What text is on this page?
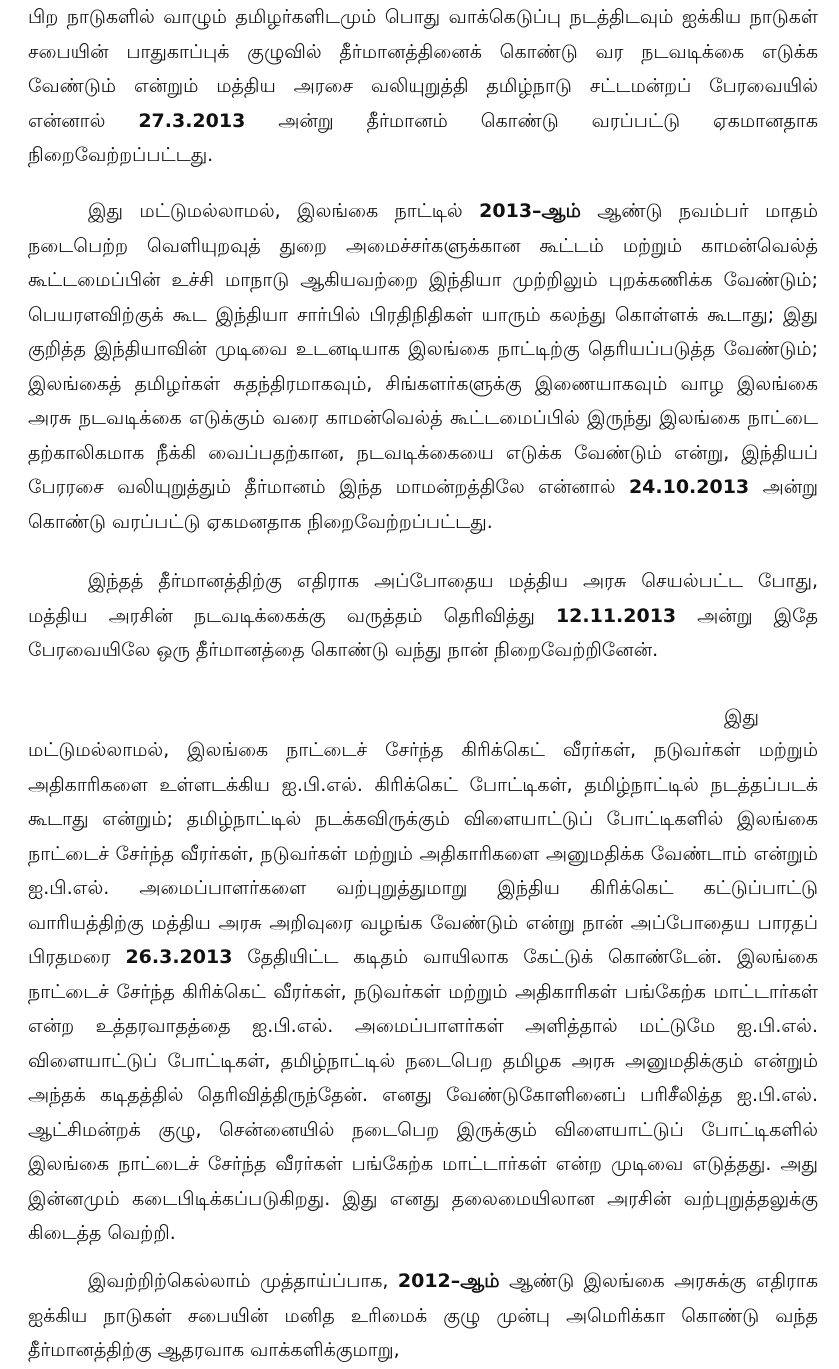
பிற நாடுகளில் வாழும் தமிழர்களிடமும் பொது வாக்கெடுப்பு நடத்திடவும் ஐக்கிய நாடுகள் சபையின் பாதுகாப்புக் குழுவில் தீர்மானத்தினைக் கொண்டு வர நடவடிக்கை எடுக்க வேண்டும் என்றும் மத்திய அரசை வலியுறுத்தி தமிழ்நாடு சட்டமன்றப் பேரவையில் என்னால் 27.3.2013 அன்று தீர்மானம் கொண்டு வரப்பட்டு ஏகமானதாக நிறைவேற்றப்பட்டது.

இது மட்டுமல்லாமல், இலங்கை நாட்டில் 2013–ஆம் ஆண்டு நவம்பர் மாதம் நடைபெற்ற வெளியுறவுத் துறை அமைச்சர்களுக்கான கூட்டம் மற்றும் காமன்வெல்த் கூட்டமைப்பின் உச்சி மாநாடு ஆகியவற்றை இந்தியா முற்றிலும் புறக்கணிக்க வேண்டும்; பெயரளவிற்குக் கூட இந்தியா சார்பில் பிரதிநிதிகள் யாரும் கலந்து கொள்ளக் கூடாது; இது குறித்த இந்தியாவின் முடிவை உடனடியாக இலங்கை நாட்டிற்கு தெரியப்படுத்த வேண்டும்; இலங்கைத் தமிழர்கள் சுதந்திரமாகவும், சிங்களர்களுக்கு இணையாகவும் வாழ இலங்கை அரசு நடவடிக்கை எடுக்கும் வரை காமன்வெல்த் கூட்டமைப்பில் இருந்து இலங்கை நாட்டை தற்காலிகமாக நீக்கி வைப்பதற்கான, நடவடிக்கையை எடுக்க வேண்டும் என்று, இந்தியப் பேரரசை வலியுறுத்தும் தீர்மானம் இந்த மாமன்றத்திலே என்னால் 24.10.2013 அன்று கொண்டு வரப்பட்டு ஏகமனதாக நிறைவேற்றப்பட்டது.

இந்தத் தீர்மானத்திற்கு எதிராக அப்போதைய மத்திய அரசு செயல்பட்ட போது, மத்திய அரசின் நடவடிக்கைக்கு வருத்தம் தெரிவித்து 12.11.2013 அன்று இதே பேரவையிலே ஒரு தீர்மானத்தை கொண்டு வந்து நான் நிறைவேற்றினேன்.

இது

மட்டுமல்லாமல், இலங்கை நாட்டைச் சேர்ந்த கிரிக்கெட் வீரர்கள், நடுவர்கள் மற்றும் அதிகாரிகளை உள்ளடக்கிய ஐ.பி.எல். கிரிக்கெட் போட்டிகள், தமிழ்நாட்டில் நடத்தப்படக் கூடாது என்றும்; தமிழ்நாட்டில் நடக்கவிருக்கும் விளையாட்டுப் போட்டிகளில் இலங்கை நாட்டைச் சேர்ந்த வீரர்கள், நடுவர்கள் மற்றும் அதிகாரிகளை அனுமதிக்க வேண்டாம் என்றும் ஐ.பி.எல். அமைப்பாளர்களை வற்புறுத்துமாறு இந்திய கிரிக்கெட் கட்டுப்பாட்டு வாரியத்திற்கு மத்திய அரசு அறிவுரை வழங்க வேண்டும் என்று நான் அப்போதைய பாரதப் பிரதமரை 26.3.2013 தேதியிட்ட கடிதம் வாயிலாக கேட்டுக் கொண்டேன். இலங்கை நாட்டைச் சேர்ந்த கிரிக்கெட் வீரர்கள், நடுவர்கள் மற்றும் அதிகாரிகள் பங்கேற்க மாட்டார்கள் என்ற உத்தரவாதத்தை ஐ.பி.எல். அமைப்பாளர்கள் அளித்தால் மட்டுமே ஐ.பி.எல். விளையாட்டுப் போட்டிகள், தமிழ்நாட்டில் நடைபெற தமிழக அரசு அனுமதிக்கும் என்றும் அந்தக் கடிதத்தில் தெரிவித்திருந்தேன். எனது வேண்டுகோளினைப் பரிசீலித்த ஐ.பி.எல். ஆட்சிமன்றக் குழு, சென்னையில் நடைபெற இருக்கும் விளையாட்டுப் போட்டிகளில் இலங்கை நாட்டைச் சேர்ந்த வீரர்கள் பங்கேற்க மாட்டார்கள் என்ற முடிவை எடுத்தது. அது இன்னமும் கடைபிடிக்கப்படுகிறது. இது எனது தலைமையிலான அரசின் வற்புறுத்தலுக்கு கிடைத்த வெற்றி.

இவற்றிற்கெல்லாம் முத்தாய்ப்பாக, 2012–ஆம் ஆண்டு இலங்கை அரசுக்கு எதிராக ஐக்கிய நாடுகள் சபையின் மனித உரிமைக் குழு முன்பு அமெரிக்கா கொண்டு வந்த தீர்மானத்திற்கு ஆதரவாக வாக்களிக்குமாறு,
